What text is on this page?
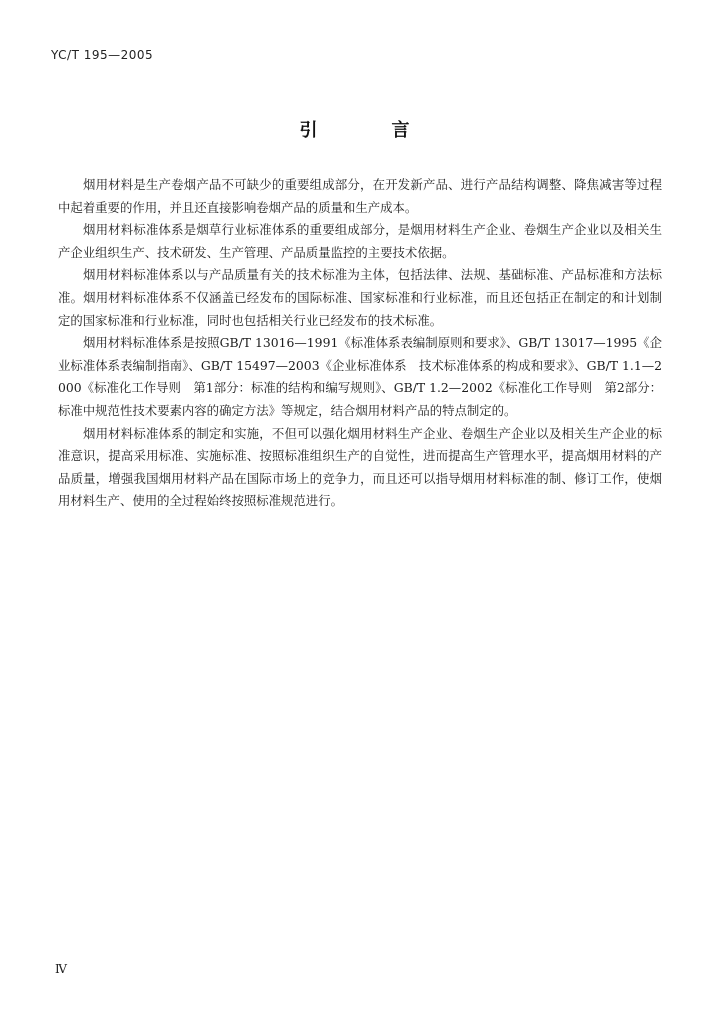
YC/T 195—2005
引　言

烟用材料是生产卷烟产品不可缺少的重要组成部分，在开发新产品、进行产品结构调整、降焦减害等过程中起着重要的作用，并且还直接影响卷烟产品的质量和生产成本。

烟用材料标准体系是烟草行业标准体系的重要组成部分，是烟用材料生产企业、卷烟生产企业以及相关生产企业组织生产、技术研发、生产管理、产品质量监控的主要技术依据。

烟用材料标准体系以与产品质量有关的技术标准为主体，包括法律、法规、基础标准、产品标准和方法标准。烟用材料标准体系不仅涵盖已经发布的国际标准、国家标准和行业标准，而且还包括正在制定的和计划制定的国家标准和行业标准，同时也包括相关行业已经发布的技术标准。

烟用材料标准体系是按照GB/T 13016—1991《标准体系表编制原则和要求》、GB/T 13017—1995《企业标准体系表编制指南》、GB/T 15497—2003《企业标准体系　技术标准体系的构成和要求》、GB/T 1.1—2000《标准化工作导则　第1部分：标准的结构和编写规则》、GB/T 1.2—2002《标准化工作导则　第2部分：标准中规范性技术要素内容的确定方法》等规定，结合烟用材料产品的特点制定的。

烟用材料标准体系的制定和实施，不但可以强化烟用材料生产企业、卷烟生产企业以及相关生产企业的标准意识，提高采用标准、实施标准、按照标准组织生产的自觉性，进而提高生产管理水平，提高烟用材料的产品质量，增强我国烟用材料产品在国际市场上的竞争力，而且还可以指导烟用材料标准的制、修订工作，使烟用材料生产、使用的全过程始终按照标准规范进行。

Ⅳ
